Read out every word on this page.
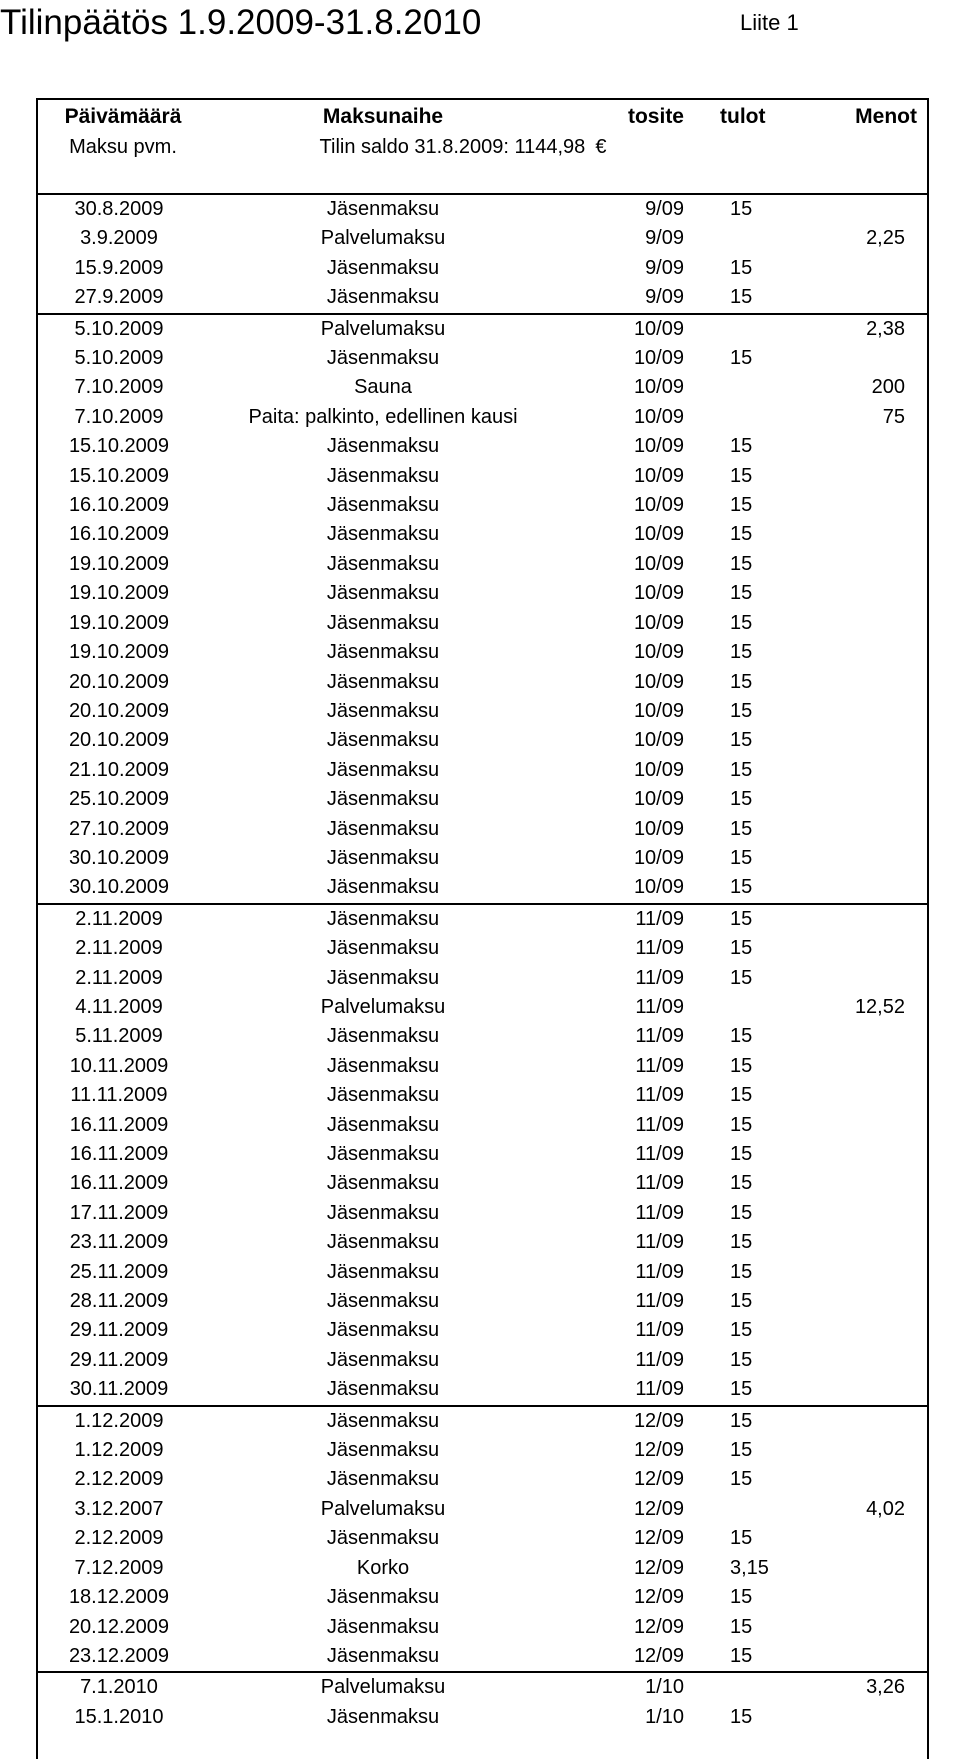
Tilinpäätös 1.9.2009-31.8.2010	Liite 1
Päivämäärä	Maksunaihe	tosite	tulot	Menot
Maksu pvm.	Tilin saldo 31.8.2009: 1144,98 €			

30.8.2009	Jäsenmaksu	9/09	15	
3.9.2009	Palvelumaksu	9/09		2,25
15.9.2009	Jäsenmaksu	9/09	15	
27.9.2009	Jäsenmaksu	9/09	15	
5.10.2009	Palvelumaksu	10/09		2,38
5.10.2009	Jäsenmaksu	10/09	15	
7.10.2009	Sauna	10/09		200
7.10.2009	Paita: palkinto, edellinen kausi	10/09		75
15.10.2009	Jäsenmaksu	10/09	15	
15.10.2009	Jäsenmaksu	10/09	15	
16.10.2009	Jäsenmaksu	10/09	15	
16.10.2009	Jäsenmaksu	10/09	15	
19.10.2009	Jäsenmaksu	10/09	15	
19.10.2009	Jäsenmaksu	10/09	15	
19.10.2009	Jäsenmaksu	10/09	15	
19.10.2009	Jäsenmaksu	10/09	15	
20.10.2009	Jäsenmaksu	10/09	15	
20.10.2009	Jäsenmaksu	10/09	15	
20.10.2009	Jäsenmaksu	10/09	15	
21.10.2009	Jäsenmaksu	10/09	15	
25.10.2009	Jäsenmaksu	10/09	15	
27.10.2009	Jäsenmaksu	10/09	15	
30.10.2009	Jäsenmaksu	10/09	15	
30.10.2009	Jäsenmaksu	10/09	15	
2.11.2009	Jäsenmaksu	11/09	15	
2.11.2009	Jäsenmaksu	11/09	15	
2.11.2009	Jäsenmaksu	11/09	15	
4.11.2009	Palvelumaksu	11/09		12,52
5.11.2009	Jäsenmaksu	11/09	15	
10.11.2009	Jäsenmaksu	11/09	15	
11.11.2009	Jäsenmaksu	11/09	15	
16.11.2009	Jäsenmaksu	11/09	15	
16.11.2009	Jäsenmaksu	11/09	15	
16.11.2009	Jäsenmaksu	11/09	15	
17.11.2009	Jäsenmaksu	11/09	15	
23.11.2009	Jäsenmaksu	11/09	15	
25.11.2009	Jäsenmaksu	11/09	15	
28.11.2009	Jäsenmaksu	11/09	15	
29.11.2009	Jäsenmaksu	11/09	15	
29.11.2009	Jäsenmaksu	11/09	15	
30.11.2009	Jäsenmaksu	11/09	15	
1.12.2009	Jäsenmaksu	12/09	15	
1.12.2009	Jäsenmaksu	12/09	15	
2.12.2009	Jäsenmaksu	12/09	15	
3.12.2007	Palvelumaksu	12/09		4,02
2.12.2009	Jäsenmaksu	12/09	15	
7.12.2009	Korko	12/09	3,15	
18.12.2009	Jäsenmaksu	12/09	15	
20.12.2009	Jäsenmaksu	12/09	15	
23.12.2009	Jäsenmaksu	12/09	15	
7.1.2010	Palvelumaksu	1/10		3,26
15.1.2010	Jäsenmaksu	1/10	15	
